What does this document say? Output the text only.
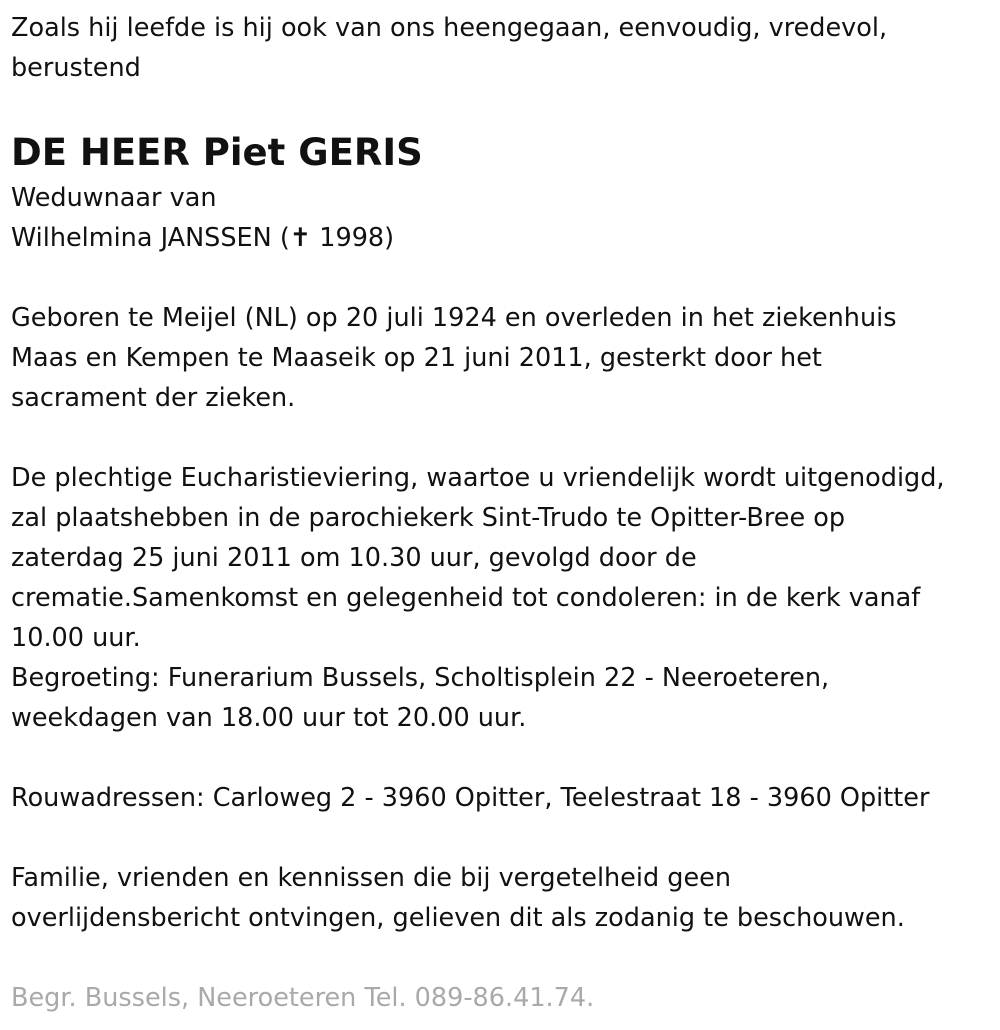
Zoals hij leefde is hij ook van ons heengegaan, eenvoudig, vredevol,
berustend
DE HEER Piet GERIS
Weduwnaar van
Wilhelmina JANSSEN (✝ 1998)
Geboren te Meijel (NL) op 20 juli 1924 en overleden in het ziekenhuis
Maas en Kempen te Maaseik op 21 juni 2011, gesterkt door het
sacrament der zieken.
De plechtige Eucharistieviering, waartoe u vriendelijk wordt uitgenodigd,
zal plaatshebben in de parochiekerk Sint-Trudo te Opitter-Bree op
zaterdag 25 juni 2011 om 10.30 uur, gevolgd door de
crematie.Samenkomst en gelegenheid tot condoleren: in de kerk vanaf
10.00 uur.
Begroeting: Funerarium Bussels, Scholtisplein 22 - Neeroeteren,
weekdagen van 18.00 uur tot 20.00 uur.
Rouwadressen: Carloweg 2 - 3960 Opitter, Teelestraat 18 - 3960 Opitter
Familie, vrienden en kennissen die bij vergetelheid geen
overlijdensbericht ontvingen, gelieven dit als zodanig te beschouwen.
Begr. Bussels, Neeroeteren Tel. 089-86.41.74.
